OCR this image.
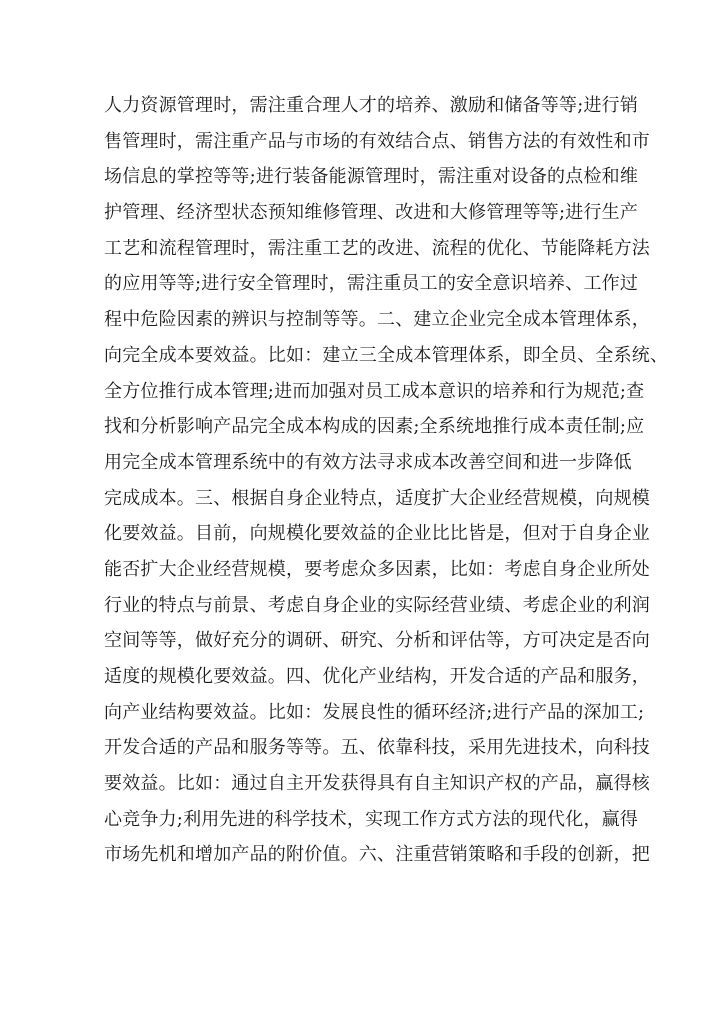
人力资源管理时，需注重合理人才的培养、激励和储备等等;进行销
售管理时，需注重产品与市场的有效结合点、销售方法的有效性和市
场信息的掌控等等;进行装备能源管理时，需注重对设备的点检和维
护管理、经济型状态预知维修管理、改进和大修管理等等;进行生产
工艺和流程管理时，需注重工艺的改进、流程的优化、节能降耗方法
的应用等等;进行安全管理时，需注重员工的安全意识培养、工作过
程中危险因素的辨识与控制等等。二、建立企业完全成本管理体系，
向完全成本要效益。比如：建立三全成本管理体系，即全员、全系统、
全方位推行成本管理;进而加强对员工成本意识的培养和行为规范;查
找和分析影响产品完全成本构成的因素;全系统地推行成本责任制;应
用完全成本管理系统中的有效方法寻求成本改善空间和进一步降低
完成成本。三、根据自身企业特点，适度扩大企业经营规模，向规模
化要效益。目前，向规模化要效益的企业比比皆是，但对于自身企业
能否扩大企业经营规模，要考虑众多因素，比如：考虑自身企业所处
行业的特点与前景、考虑自身企业的实际经营业绩、考虑企业的利润
空间等等，做好充分的调研、研究、分析和评估等，方可决定是否向
适度的规模化要效益。四、优化产业结构，开发合适的产品和服务，
向产业结构要效益。比如：发展良性的循环经济;进行产品的深加工;
开发合适的产品和服务等等。五、依靠科技，采用先进技术，向科技
要效益。比如：通过自主开发获得具有自主知识产权的产品，赢得核
心竞争力;利用先进的科学技术，实现工作方式方法的现代化，赢得
市场先机和增加产品的附价值。六、注重营销策略和手段的创新，把
